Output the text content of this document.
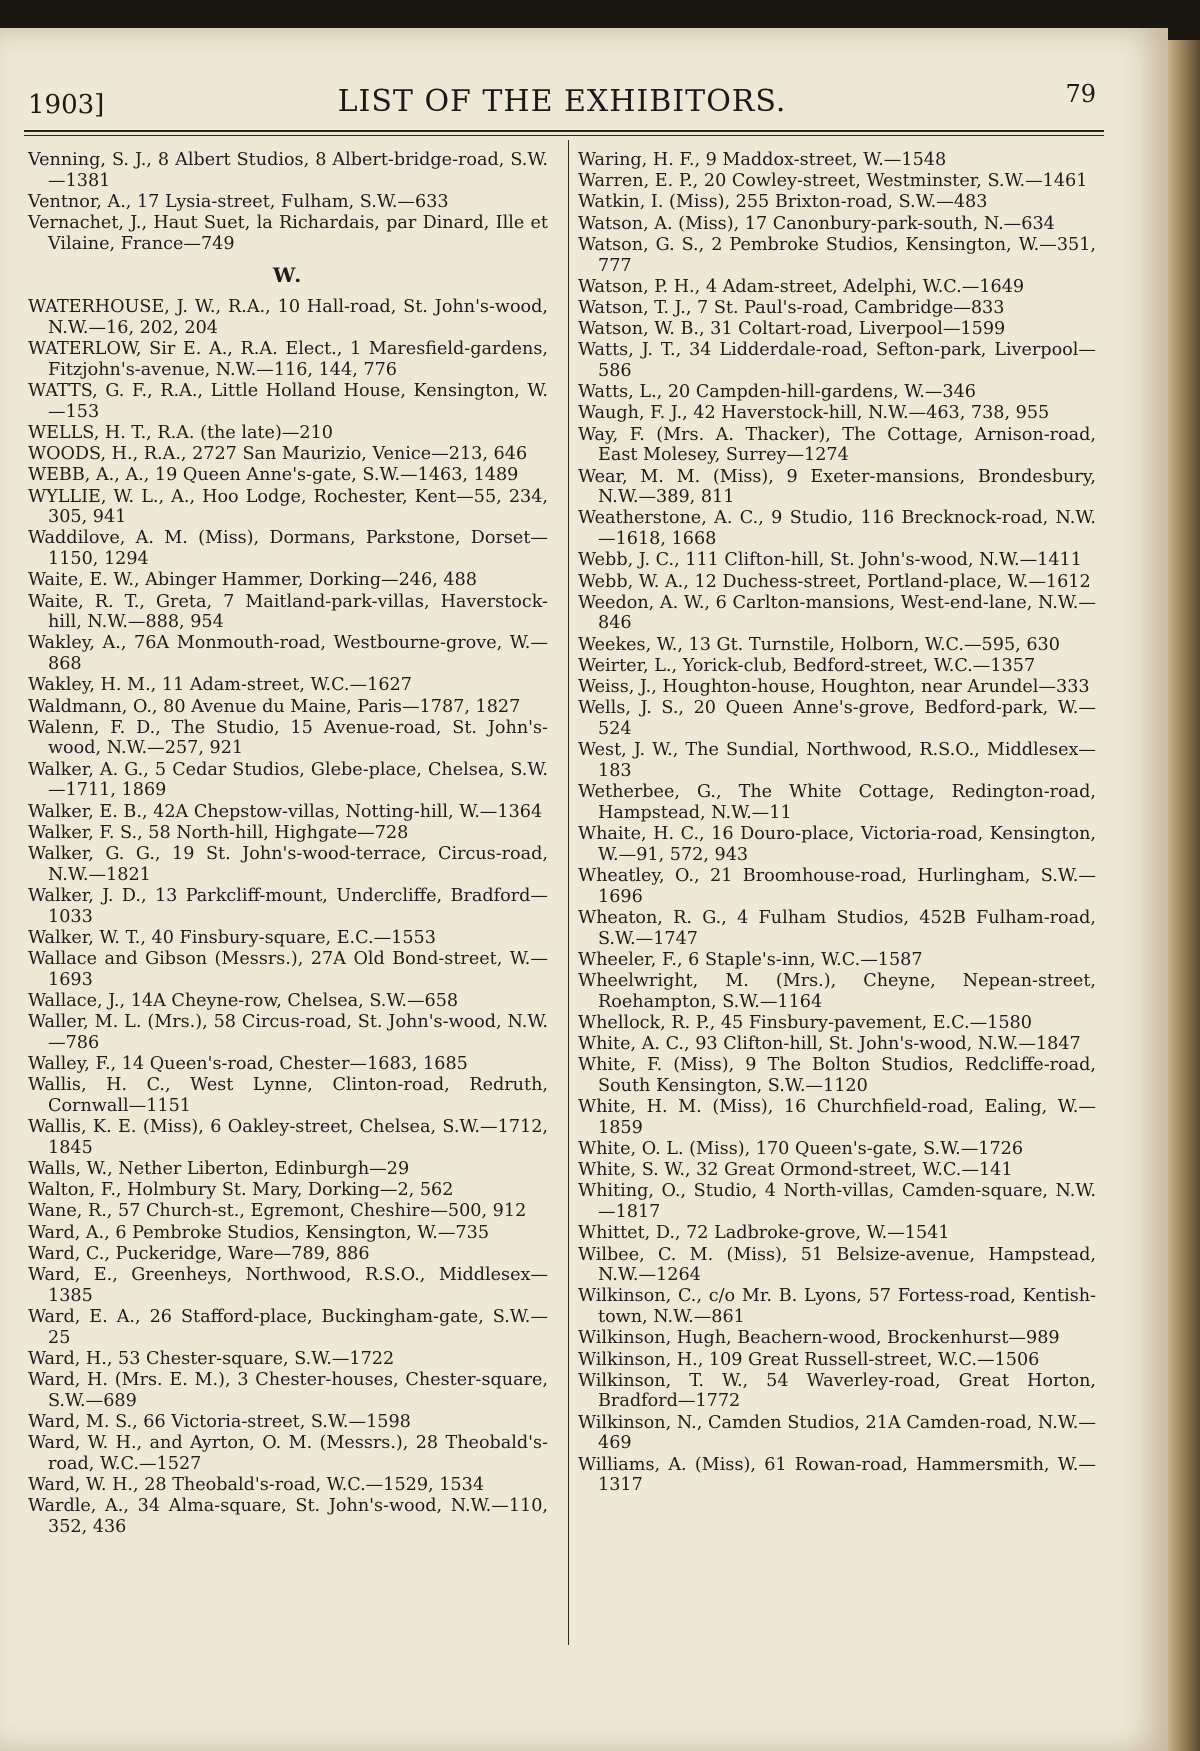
1903]	LIST OF THE EXHIBITORS.	79
Venning, S. J., 8 Albert Studios, 8 Albert-bridge-road, S.W.—1381
Ventnor, A., 17 Lysia-street, Fulham, S.W.—633
Vernachet, J., Haut Suet, la Richardais, par Dinard, Ille et Vilaine, France—749
W.
WATERHOUSE, J. W., R.A., 10 Hall-road, St. John's-wood, N.W.—16, 202, 204
WATERLOW, Sir E. A., R.A. Elect., 1 Maresfield-gardens, Fitzjohn's-avenue, N.W.—116, 144, 776
WATTS, G. F., R.A., Little Holland House, Kensington, W.—153
WELLS, H. T., R.A. (the late)—210
WOODS, H., R.A., 2727 San Maurizio, Venice—213, 646
WEBB, A., A., 19 Queen Anne's-gate, S.W.—1463, 1489
WYLLIE, W. L., A., Hoo Lodge, Rochester, Kent—55, 234, 305, 941
Waddilove, A. M. (Miss), Dormans, Parkstone, Dorset—1150, 1294
Waite, E. W., Abinger Hammer, Dorking—246, 488
Waite, R. T., Greta, 7 Maitland-park-villas, Haverstock-hill, N.W.—888, 954
Wakley, A., 76A Monmouth-road, Westbourne-grove, W.—868
Wakley, H. M., 11 Adam-street, W.C.—1627
Waldmann, O., 80 Avenue du Maine, Paris—1787, 1827
Walenn, F. D., The Studio, 15 Avenue-road, St. John's-wood, N.W.—257, 921
Walker, A. G., 5 Cedar Studios, Glebe-place, Chelsea, S.W.—1711, 1869
Walker, E. B., 42A Chepstow-villas, Notting-hill, W.—1364
Walker, F. S., 58 North-hill, Highgate—728
Walker, G. G., 19 St. John's-wood-terrace, Circus-road, N.W.—1821
Walker, J. D., 13 Parkcliff-mount, Undercliffe, Bradford—1033
Walker, W. T., 40 Finsbury-square, E.C.—1553
Wallace and Gibson (Messrs.), 27A Old Bond-street, W.—1693
Wallace, J., 14A Cheyne-row, Chelsea, S.W.—658
Waller, M. L. (Mrs.), 58 Circus-road, St. John's-wood, N.W.—786
Walley, F., 14 Queen's-road, Chester—1683, 1685
Wallis, H. C., West Lynne, Clinton-road, Redruth, Cornwall—1151
Wallis, K. E. (Miss), 6 Oakley-street, Chelsea, S.W.—1712, 1845
Walls, W., Nether Liberton, Edinburgh—29
Walton, F., Holmbury St. Mary, Dorking—2, 562
Wane, R., 57 Church-st., Egremont, Cheshire—500, 912
Ward, A., 6 Pembroke Studios, Kensington, W.—735
Ward, C., Puckeridge, Ware—789, 886
Ward, E., Greenheys, Northwood, R.S.O., Middlesex—1385
Ward, E. A., 26 Stafford-place, Buckingham-gate, S.W.—25
Ward, H., 53 Chester-square, S.W.—1722
Ward, H. (Mrs. E. M.), 3 Chester-houses, Chester-square, S.W.—689
Ward, M. S., 66 Victoria-street, S.W.—1598
Ward, W. H., and Ayrton, O. M. (Messrs.), 28 Theobald's-road, W.C.—1527
Ward, W. H., 28 Theobald's-road, W.C.—1529, 1534
Wardle, A., 34 Alma-square, St. John's-wood, N.W.—110, 352, 436
Waring, H. F., 9 Maddox-street, W.—1548
Warren, E. P., 20 Cowley-street, Westminster, S.W.—1461
Watkin, I. (Miss), 255 Brixton-road, S.W.—483
Watson, A. (Miss), 17 Canonbury-park-south, N.—634
Watson, G. S., 2 Pembroke Studios, Kensington, W.—351, 777
Watson, P. H., 4 Adam-street, Adelphi, W.C.—1649
Watson, T. J., 7 St. Paul's-road, Cambridge—833
Watson, W. B., 31 Coltart-road, Liverpool—1599
Watts, J. T., 34 Lidderdale-road, Sefton-park, Liverpool—586
Watts, L., 20 Campden-hill-gardens, W.—346
Waugh, F. J., 42 Haverstock-hill, N.W.—463, 738, 955
Way, F. (Mrs. A. Thacker), The Cottage, Arnison-road, East Molesey, Surrey—1274
Wear, M. M. (Miss), 9 Exeter-mansions, Brondesbury, N.W.—389, 811
Weatherstone, A. C., 9 Studio, 116 Brecknock-road, N.W.—1618, 1668
Webb, J. C., 111 Clifton-hill, St. John's-wood, N.W.—1411
Webb, W. A., 12 Duchess-street, Portland-place, W.—1612
Weedon, A. W., 6 Carlton-mansions, West-end-lane, N.W.—846
Weekes, W., 13 Gt. Turnstile, Holborn, W.C.—595, 630
Weirter, L., Yorick-club, Bedford-street, W.C.—1357
Weiss, J., Houghton-house, Houghton, near Arundel—333
Wells, J. S., 20 Queen Anne's-grove, Bedford-park, W.—524
West, J. W., The Sundial, Northwood, R.S.O., Middlesex—183
Wetherbee, G., The White Cottage, Redington-road, Hampstead, N.W.—11
Whaite, H. C., 16 Douro-place, Victoria-road, Kensington, W.—91, 572, 943
Wheatley, O., 21 Broomhouse-road, Hurlingham, S.W.—1696
Wheaton, R. G., 4 Fulham Studios, 452B Fulham-road, S.W.—1747
Wheeler, F., 6 Staple's-inn, W.C.—1587
Wheelwright, M. (Mrs.), Cheyne, Nepean-street, Roehampton, S.W.—1164
Whellock, R. P., 45 Finsbury-pavement, E.C.—1580
White, A. C., 93 Clifton-hill, St. John's-wood, N.W.—1847
White, F. (Miss), 9 The Bolton Studios, Redcliffe-road, South Kensington, S.W.—1120
White, H. M. (Miss), 16 Churchfield-road, Ealing, W.—1859
White, O. L. (Miss), 170 Queen's-gate, S.W.—1726
White, S. W., 32 Great Ormond-street, W.C.—141
Whiting, O., Studio, 4 North-villas, Camden-square, N.W.—1817
Whittet, D., 72 Ladbroke-grove, W.—1541
Wilbee, C. M. (Miss), 51 Belsize-avenue, Hampstead, N.W.—1264
Wilkinson, C., c/o Mr. B. Lyons, 57 Fortess-road, Kentish-town, N.W.—861
Wilkinson, Hugh, Beachern-wood, Brockenhurst—989
Wilkinson, H., 109 Great Russell-street, W.C.—1506
Wilkinson, T. W., 54 Waverley-road, Great Horton, Bradford—1772
Wilkinson, N., Camden Studios, 21A Camden-road, N.W.—469
Williams, A. (Miss), 61 Rowan-road, Hammersmith, W.—1317
